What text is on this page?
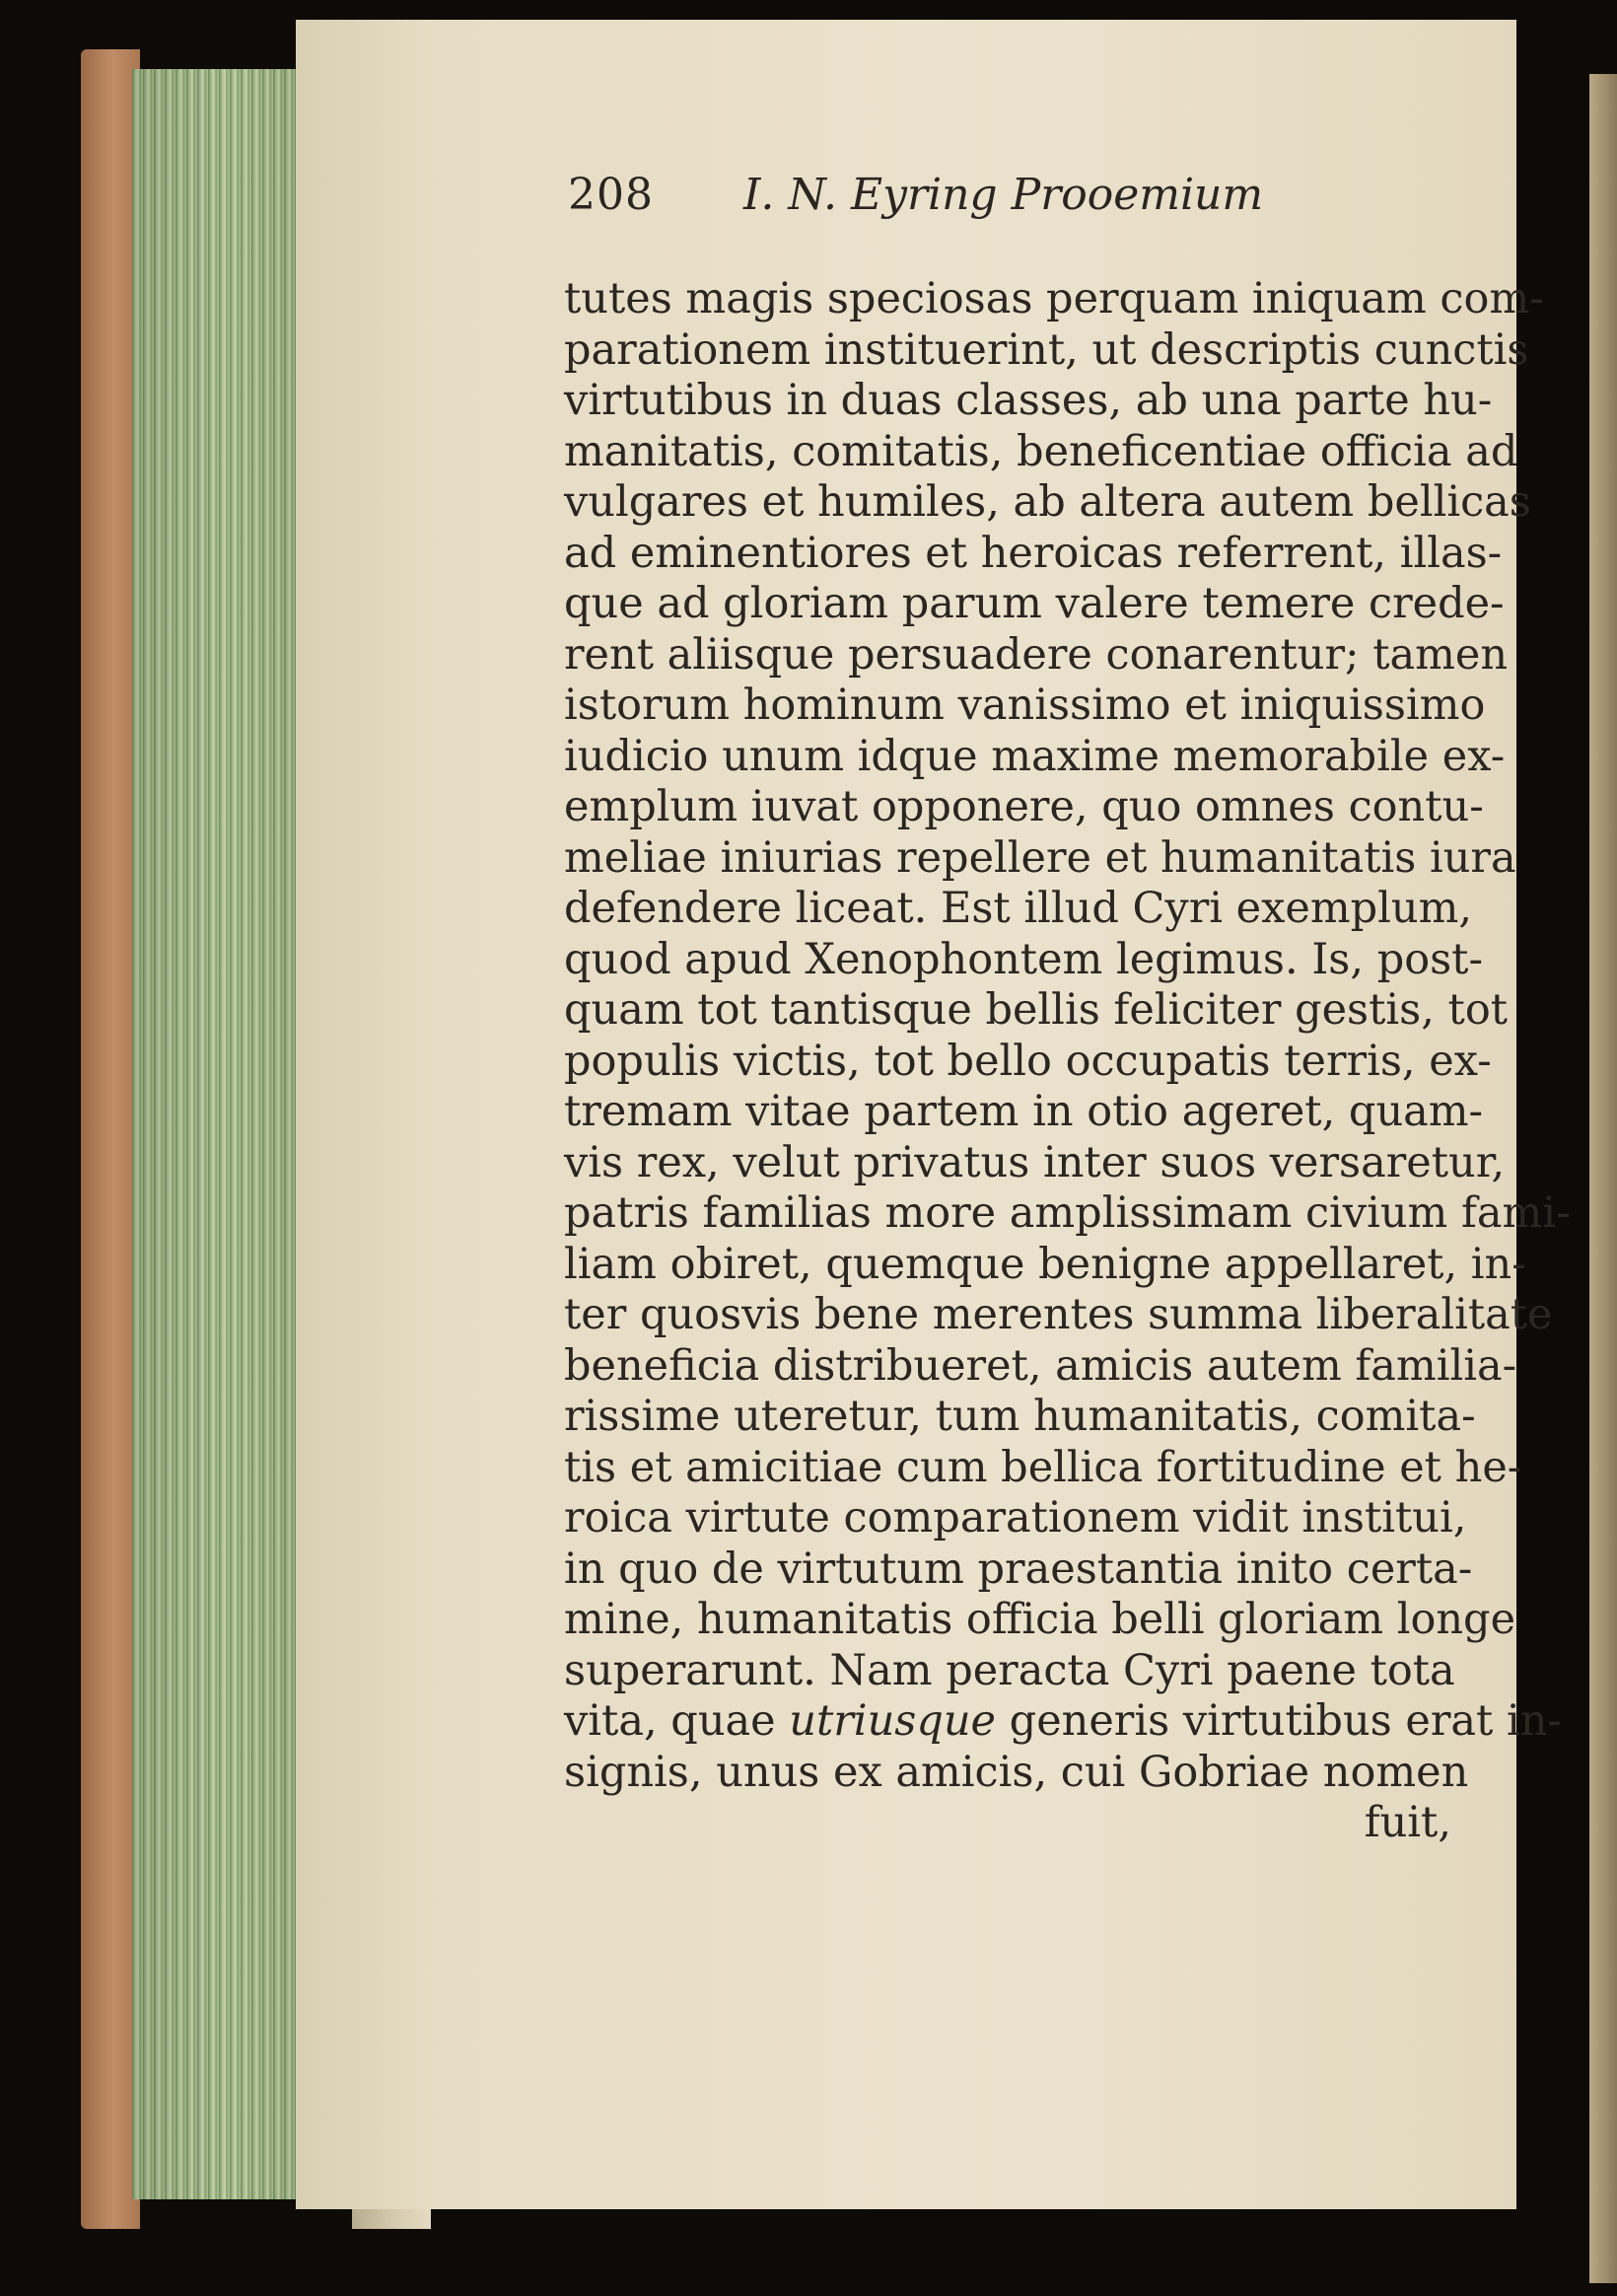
208 I. N. Eyring Prooemium
tutes magis speciosas perquam iniquam com-
parationem instituerint, ut descriptis cunctis
virtutibus in duas classes, ab una parte hu-
manitatis, comitatis, beneficentiae officia ad
vulgares et humiles, ab altera autem bellicas
ad eminentiores et heroicas referrent, illas-
que ad gloriam parum valere temere crede-
rent aliisque persuadere conarentur; tamen
istorum hominum vanissimo et iniquissimo
iudicio unum idque maxime memorabile ex-
emplum iuvat opponere, quo omnes contu-
meliae iniurias repellere et humanitatis iura
defendere liceat. Est illud Cyri exemplum,
quod apud Xenophontem legimus. Is, post-
quam tot tantisque bellis feliciter gestis, tot
populis victis, tot bello occupatis terris, ex-
tremam vitae partem in otio ageret, quam-
vis rex, velut privatus inter suos versaretur,
patris familias more amplissimam civium fami-
liam obiret, quemque benigne appellaret, in-
ter quosvis bene merentes summa liberalitate
beneficia distribueret, amicis autem familia-
rissime uteretur, tum humanitatis, comita-
tis et amicitiae cum bellica fortitudine et he-
roica virtute comparationem vidit institui,
in quo de virtutum praestantia inito certa-
mine, humanitatis officia belli gloriam longe
superarunt. Nam peracta Cyri paene tota
vita, quae utriusque generis virtutibus erat in-
signis, unus ex amicis, cui Gobriae nomen
fuit,
